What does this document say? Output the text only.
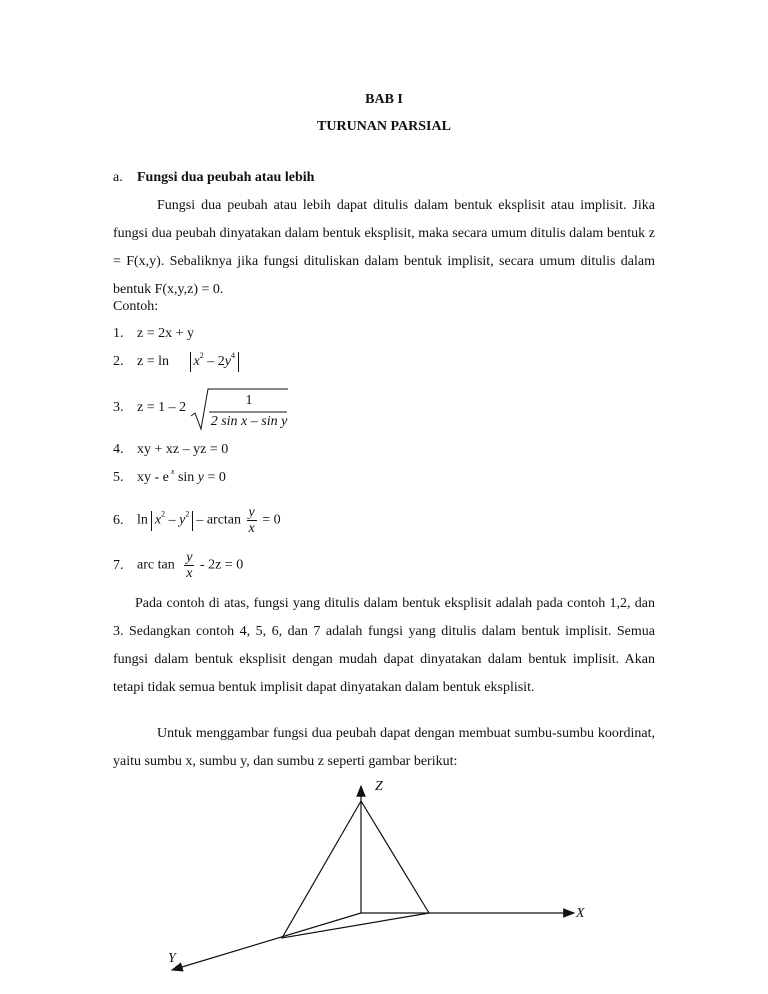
BAB I
TURUNAN PARSIAL
a. Fungsi dua peubah atau lebih
Fungsi dua peubah atau lebih dapat ditulis dalam bentuk eksplisit atau implisit. Jika fungsi dua peubah dinyatakan dalam bentuk eksplisit, maka secara umum ditulis dalam bentuk z = F(x,y). Sebaliknya jika fungsi dituliskan dalam bentuk implisit, secara umum ditulis dalam bentuk F(x,y,z) = 0.
Contoh:
1. z = 2x + y
2. $z = \ln x^2 - 2y^4$
3. z = 1 – 2	1
2 sin x – sin y
4. xy + xz – yz = 0
5. xy - e $^x$ sin y = 0
6. $\ln x^2 - y^2 - \arctan \frac{y}{x} = 0$
7. arc $\tan \frac{y}{x} - 2z = 0$
Pada contoh di atas, fungsi yang ditulis dalam bentuk eksplisit adalah pada contoh 1,2, dan 3. Sedangkan contoh 4, 5, 6, dan 7 adalah fungsi yang ditulis dalam bentuk implisit. Semua fungsi dalam bentuk eksplisit dengan mudah dapat dinyatakan dalam bentuk implisit. Akan tetapi tidak semua bentuk implisit dapat dinyatakan dalam bentuk eksplisit.
Untuk menggambar fungsi dua peubah dapat dengan membuat sumbu-sumbu koordinat, yaitu sumbu x, sumbu y, dan sumbu z seperti gambar berikut:
Z
X
Y
